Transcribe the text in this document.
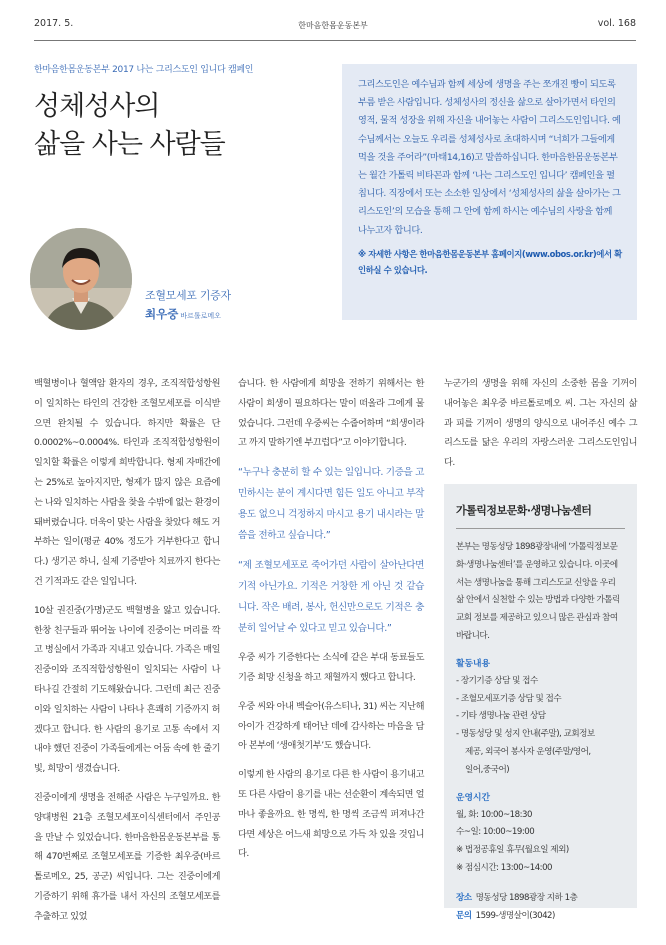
2017. 5.	한마음한몸운동본부	vol. 168
한마음한몸운동본부 2017 나는 그리스도인 입니다 캠페인
성체성사의
삶을 사는 사람들
조혈모세포 기증자
최우중 바르톨로메오

그리스도인은 예수님과 함께 세상에 생명을 주는 쪼개진 빵이 되도록 부름 받은 사람입니다. 성체성사의 정신을 삶으로 살아가면서 타인의 영적, 물적 성장을 위해 자신을 내어놓는 사람이 그리스도인입니다. 예수님께서는 오늘도 우리를 성체성사로 초대하시며 “너희가 그들에게 먹을 것을 주어라”(마태14,16)고 말씀하십니다. 한마음한몸운동본부는 월간 가톨릭 비타꼰과 함께 ‘나는 그리스도인 입니다’ 캠페인을 펼칩니다. 직장에서 또는 소소한 일상에서 ‘성체성사의 삶을 살아가는 그리스도인’의 모습을 통해 그 안에 함께 하시는 예수님의 사랑을 함께 나누고자 합니다.

※ 자세한 사항은 한마음한몸운동본부 홈페이지(www.obos.or.kr)에서 확인하실 수 있습니다.

백혈병이나 혈액암 환자의 경우, 조직적합성항원이 일치하는 타인의 건강한 조혈모세포를 이식받으면 완치될 수 있습니다. 하지만 확률은 단 0.0002%~0.0004%. 타인과 조직적합성항원이 일치할 확률은 이렇게 희박합니다. 형제 자매간에는 25%로 높아지지만, 형제가 많지 않은 요즘에는 나와 일치하는 사람을 찾을 수밖에 없는 환경이 돼버렸습니다. 더욱이 맞는 사람을 찾았다 해도 거부하는 일이(평균 40% 정도가 거부한다고 합니다.) 생기곤 하니, 실제 기증받아 치료까지 한다는 건 기적과도 같은 일입니다.

10살 권진중(가명)군도 백혈병을 앓고 있습니다. 한창 친구들과 뛰어놀 나이에 진중이는 머리를 깍고 병실에서 가족과 지내고 있습니다. 가족은 매일 진중이와 조직적합성항원이 일치되는 사람이 나타나길 간절히 기도해왔습니다. 그런데 최근 진중이와 일치하는 사람이 나타나 흔쾌히 기증까지 허겠다고 합니다. 한 사람의 용기로 고통 속에서 지내야 했던 진중이 가족들에게는 어둠 속에 한 줄기 빛, 희망이 생겼습니다.

진중이에게 생명을 전해준 사람은 누구일까요. 한양대병원 21층 조혈모세포이식센터에서 주인공을 만날 수 있었습니다. 한마음한몸운동본부를 통해 470번째로 조혈모세포를 기증한 최우중(바르톨로메오, 25, 공군) 씨입니다. 그는 진중이에게 기증하기 위해 휴가를 내서 자신의 조혈모세포를 추출하고 있었

습니다. 한 사람에게 희망을 전하기 위해서는 한 사람이 희생이 필요하다는 말이 떠올라 그에게 물었습니다. 그런데 우중씨는 수줍어하며 “희생이라고 까지 말하기엔 부끄럽다”고 이야기합니다.

“누구나 충분히 할 수 있는 일입니다. 기증을 고민하시는 분이 계시다면 힘든 일도 아니고 부작용도 없으니 걱정하지 마시고 용기 내시라는 말씀을 전하고 싶습니다.”

“제 조혈모세포로 죽어가던 사람이 살아난다면 기적 아닌가요. 기적은 거창한 게 아닌 것 같습니다. 작은 배려, 봉사, 헌신만으로도 기적은 충분히 일어날 수 있다고 믿고 있습니다.”

우중 씨가 기증한다는 소식에 같은 부대 동료들도 기증 희망 신청을 하고 채혈까지 했다고 합니다.

우중 씨와 아내 벡슬아(유스티나, 31) 씨는 지난해 아이가 건강하게 태어난 데에 감사하는 마음을 담아 본부에 ‘생애첫기부’도 했습니다.

이렇게 한 사람의 용기로 다른 한 사람이 용기내고 또 다른 사람이 용기를 내는 선순환이 계속되면 얼마나 좋을까요. 한 명씩, 한 명씩 조금씩 퍼져나간다면 세상은 어느새 희망으로 가득 차 있을 것입니다.

누군가의 생명을 위해 자신의 소중한 몸을 기꺼이 내어놓은 최우중 바르톨로메오 씨. 그는 자신의 삶과 피를 기꺼이 생명의 양식으로 내어주신 예수 그리스도를 닮은 우리의 자랑스러운 그리스도인입니다.

가톨릭정보문화·생명나눔센터

본부는 명동성당 1898광장내에 ‘가톨릭정보문화·생명나눔센터’를 운영하고 있습니다. 이곳에서는 생명나눔을 통해 그리스도교 신앙을 우리 삶 안에서 실천할 수 있는 방법과 다양한 가톨릭교회 정보를 제공하고 있으니 많은 관심과 참여 바랍니다.

활동내용
- 장기기증 상담 및 접수
- 조혈모세포기증 상담 및 접수
- 기타 생명나눔 관련 상담
- 명동성당 및 성지 안내(주말), 교회정보
제공, 외국어 봉사자 운영(주말/영어,
일어,중국어)
운영시간
월, 화: 10:00~18:30
수~일: 10:00~19:00
※ 법정공휴일 휴무(월요일 제외)
※ 점심시간: 13:00~14:00
장소 명동성당 1898광장 지하 1층
문의 1599-생명살이(3042)
